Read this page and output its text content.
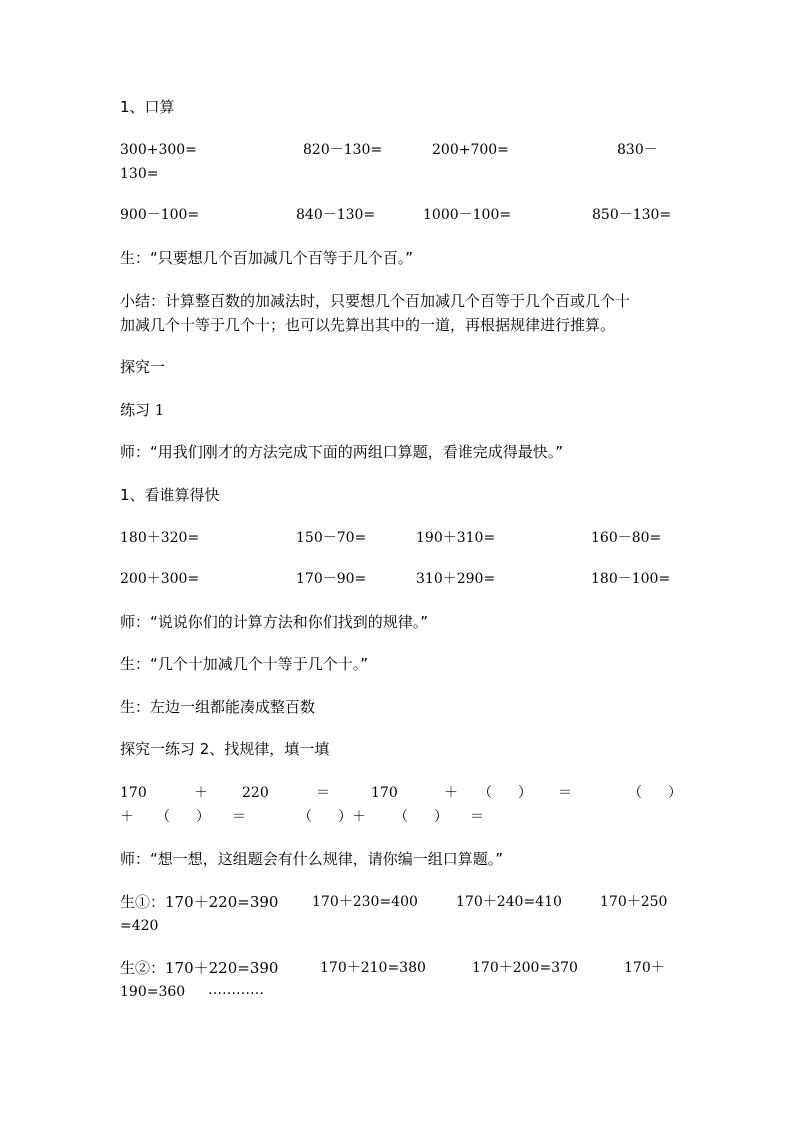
1、口算
300+300=	820－130=	200+700=	830－
130=
900－100=	840－130=	1000－100=	850－130=
生：“只要想几个百加减几个百等于几个百。”
小结：计算整百数的加减法时，只要想几个百加减几个百等于几个百或几个十
加减几个十等于几个十；也可以先算出其中的一道，再根据规律进行推算。
探究一
练习 1
师：“用我们刚才的方法完成下面的两组口算题，看谁完成得最快。”
1、看谁算得快
180＋320=	150－70=	190＋310=	160－80=
200＋300=	170－90=	310＋290=	180－100=
师：“说说你们的计算方法和你们找到的规律。”
生：“几个十加减几个十等于几个十。”
生：左边一组都能凑成整百数
探究一练习 2、找规律，填一填
170	＋ 220	＝	170	＋ （ ） ＝	（ ）
＋ （ ） ＝	（ ）＋ （ ） ＝
师：“想一想，这组题会有什么规律，请你编一组口算题。”
生①：170＋220=390 170＋230=400	170＋240=410	170＋250
=420
生②：170＋220=390	170＋210=380	170＋200=370	170＋
190=360 …………
